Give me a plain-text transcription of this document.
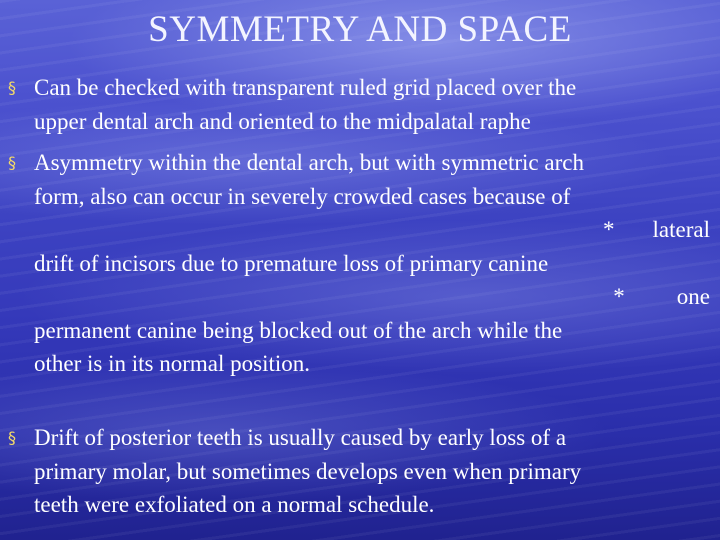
SYMMETRY AND SPACE
§ Can be checked with transparent ruled grid placed over the
upper dental arch and oriented to the midpalatal raphe
§ Asymmetry within the dental arch, but with symmetric arch
form, also can occur in severely crowded cases because of
* lateral
drift of incisors due to premature loss of primary canine
* one
permanent canine being blocked out of the arch while the
other is in its normal position.
§ Drift of posterior teeth is usually caused by early loss of a
primary molar, but sometimes develops even when primary
teeth were exfoliated on a normal schedule.
